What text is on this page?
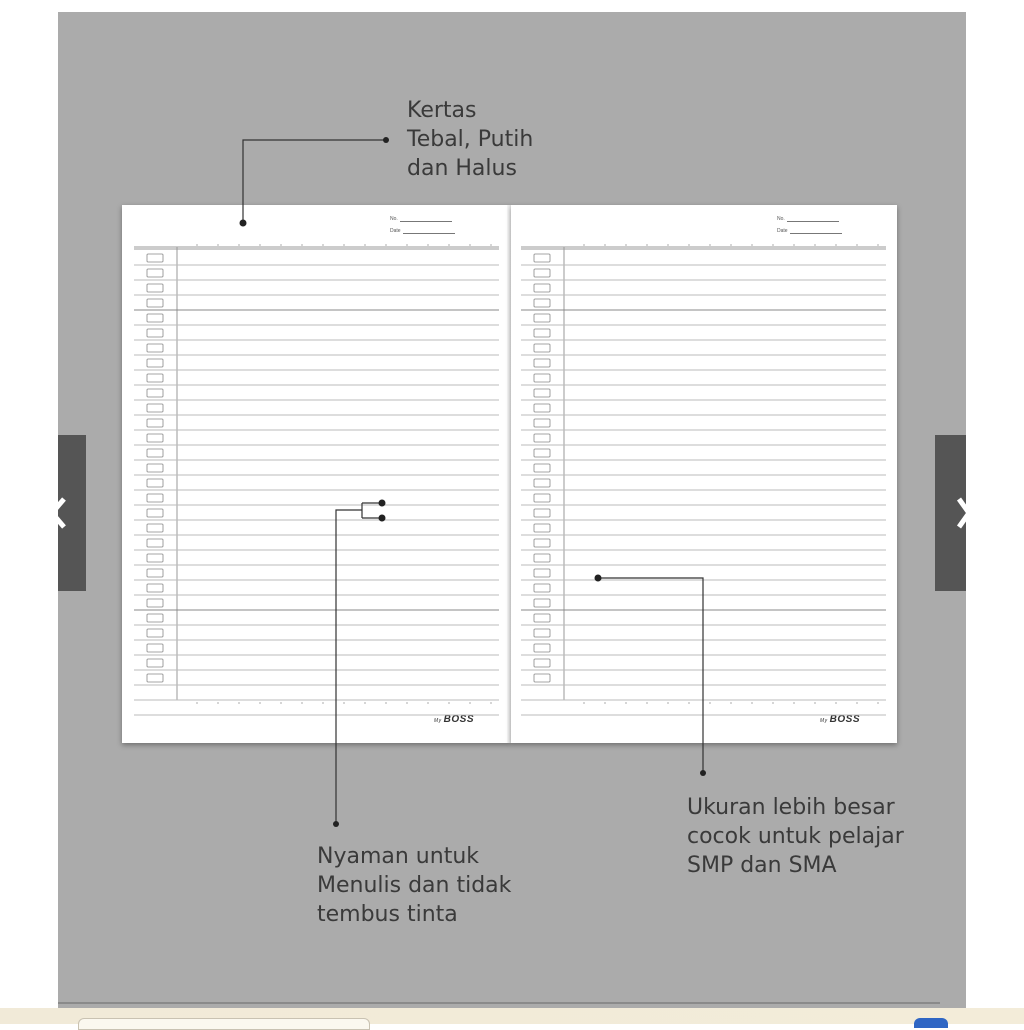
No.
Date
My BOSS
No.
Date
My BOSS
Kertas
Tebal, Putih
dan Halus
Nyaman untuk
Menulis dan tidak
tembus tinta
Ukuran lebih besar
cocok untuk pelajar
SMP dan SMA
